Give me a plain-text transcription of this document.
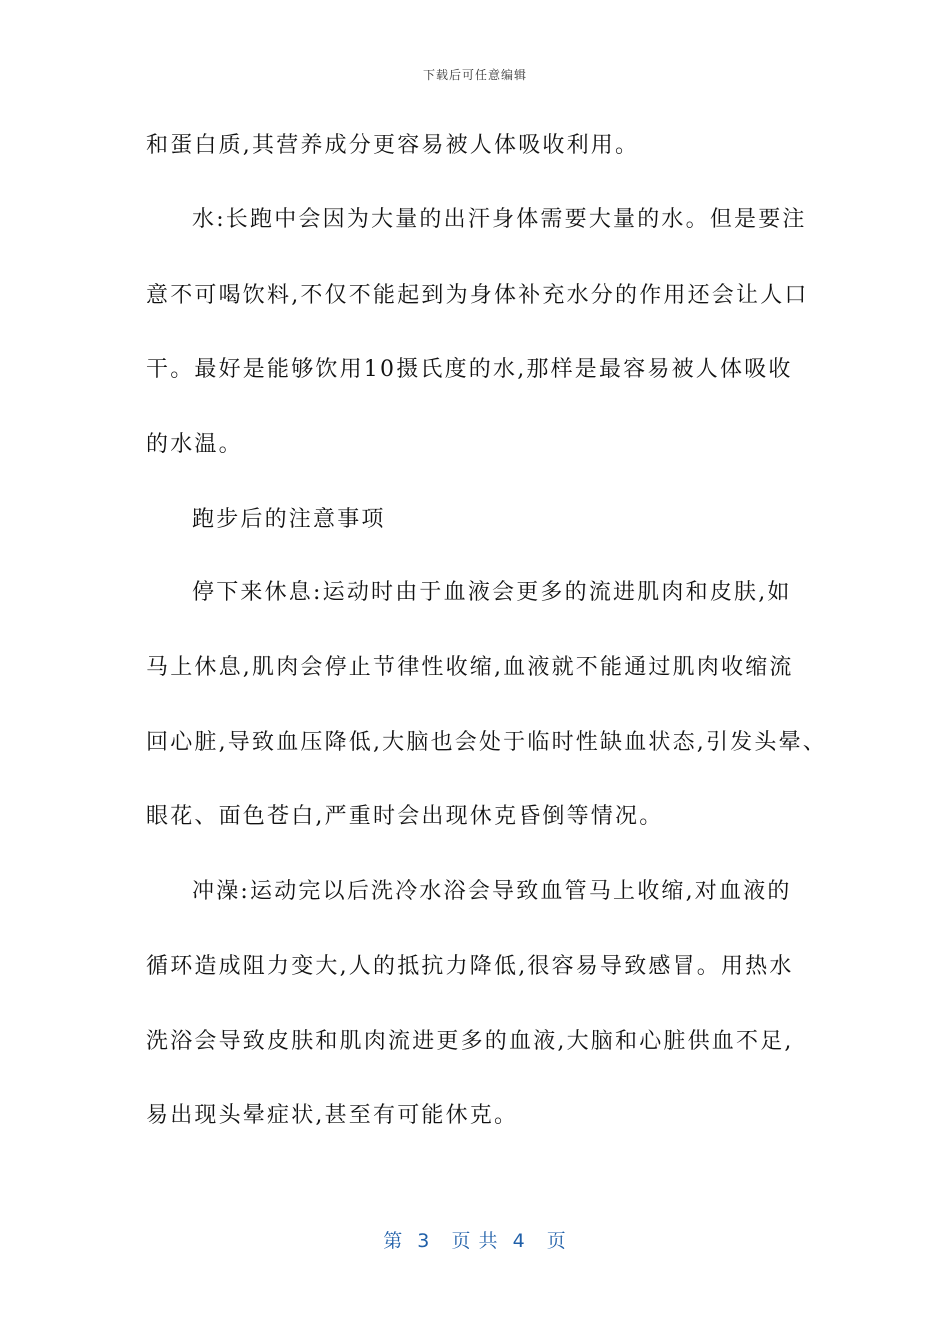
下载后可任意编辑
和蛋白质,其营养成分更容易被人体吸收利用。
水:长跑中会因为大量的出汗身体需要大量的水。但是要注
意不可喝饮料,不仅不能起到为身体补充水分的作用还会让人口
干。最好是能够饮用10摄氏度的水,那样是最容易被人体吸收
的水温。
跑步后的注意事项
停下来休息:运动时由于血液会更多的流进肌肉和皮肤,如
马上休息,肌肉会停止节律性收缩,血液就不能通过肌肉收缩流
回心脏,导致血压降低,大脑也会处于临时性缺血状态,引发头晕、
眼花、面色苍白,严重时会出现休克昏倒等情况。
冲澡:运动完以后洗冷水浴会导致血管马上收缩,对血液的
循环造成阻力变大,人的抵抗力降低,很容易导致感冒。用热水
洗浴会导致皮肤和肌肉流进更多的血液,大脑和心脏供血不足,
易出现头晕症状,甚至有可能休克。
第  3   页 共  4   页
